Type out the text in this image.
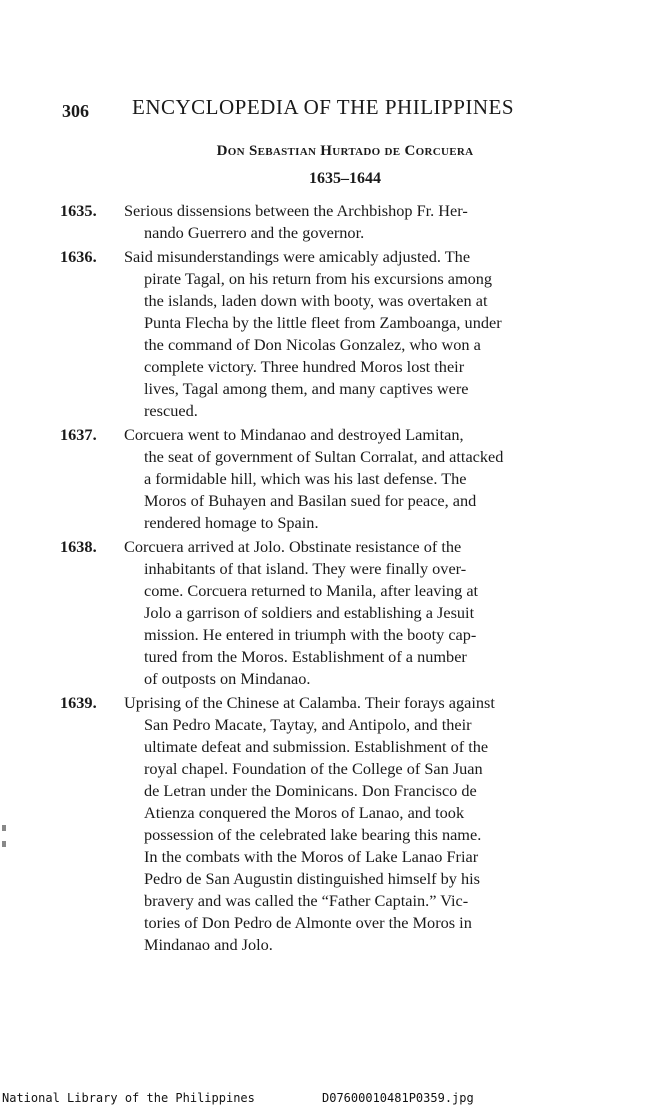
306 ENCYCLOPEDIA OF THE PHILIPPINES
Don Sebastian Hurtado de Corcuera
1635–1644
1635. Serious dissensions between the Archbishop Fr. Her-
nando Guerrero and the governor.
1636. Said misunderstandings were amicably adjusted. The
pirate Tagal, on his return from his excursions among
the islands, laden down with booty, was overtaken at
Punta Flecha by the little fleet from Zamboanga, under
the command of Don Nicolas Gonzalez, who won a
complete victory. Three hundred Moros lost their
lives, Tagal among them, and many captives were
rescued.
1637. Corcuera went to Mindanao and destroyed Lamitan,
the seat of government of Sultan Corralat, and attacked
a formidable hill, which was his last defense. The
Moros of Buhayen and Basilan sued for peace, and
rendered homage to Spain.
1638. Corcuera arrived at Jolo. Obstinate resistance of the
inhabitants of that island. They were finally over-
come. Corcuera returned to Manila, after leaving at
Jolo a garrison of soldiers and establishing a Jesuit
mission. He entered in triumph with the booty cap-
tured from the Moros. Establishment of a number
of outposts on Mindanao.
1639. Uprising of the Chinese at Calamba. Their forays against
San Pedro Macate, Taytay, and Antipolo, and their
ultimate defeat and submission. Establishment of the
royal chapel. Foundation of the College of San Juan
de Letran under the Dominicans. Don Francisco de
Atienza conquered the Moros of Lanao, and took
possession of the celebrated lake bearing this name.
In the combats with the Moros of Lake Lanao Friar
Pedro de San Augustin distinguished himself by his
bravery and was called the “Father Captain.” Vic-
tories of Don Pedro de Almonte over the Moros in
Mindanao and Jolo.
National Library of the Philippines	D07600010481P0359.jpg
